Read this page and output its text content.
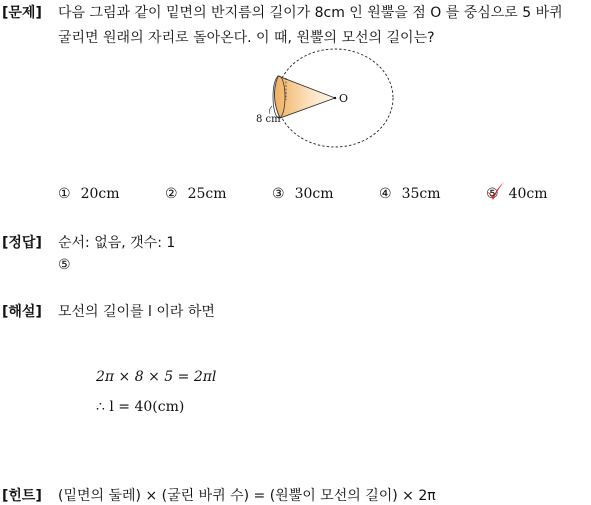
[문제] 다음 그림과 같이 밑면의 반지름의 길이가 8cm 인 원뿔을 점 O 를 중심으로 5 바퀴
굴리면 원래의 자리로 돌아온다. 이 때, 원뿔의 모선의 길이는?
O
8 cm
① 20cm	② 25cm	③ 30cm	④ 35cm	⑤ 40cm
[정답] 순서: 없음, 갯수: 1
⑤
[해설] 모선의 길이를 l 이라 하면
2π × 8 × 5 = 2πl
∴ l = 40(cm)
[힌트] (밑면의 둘레) × (굴린 바퀴 수) = (원뿔이 모선의 길이) × 2π
